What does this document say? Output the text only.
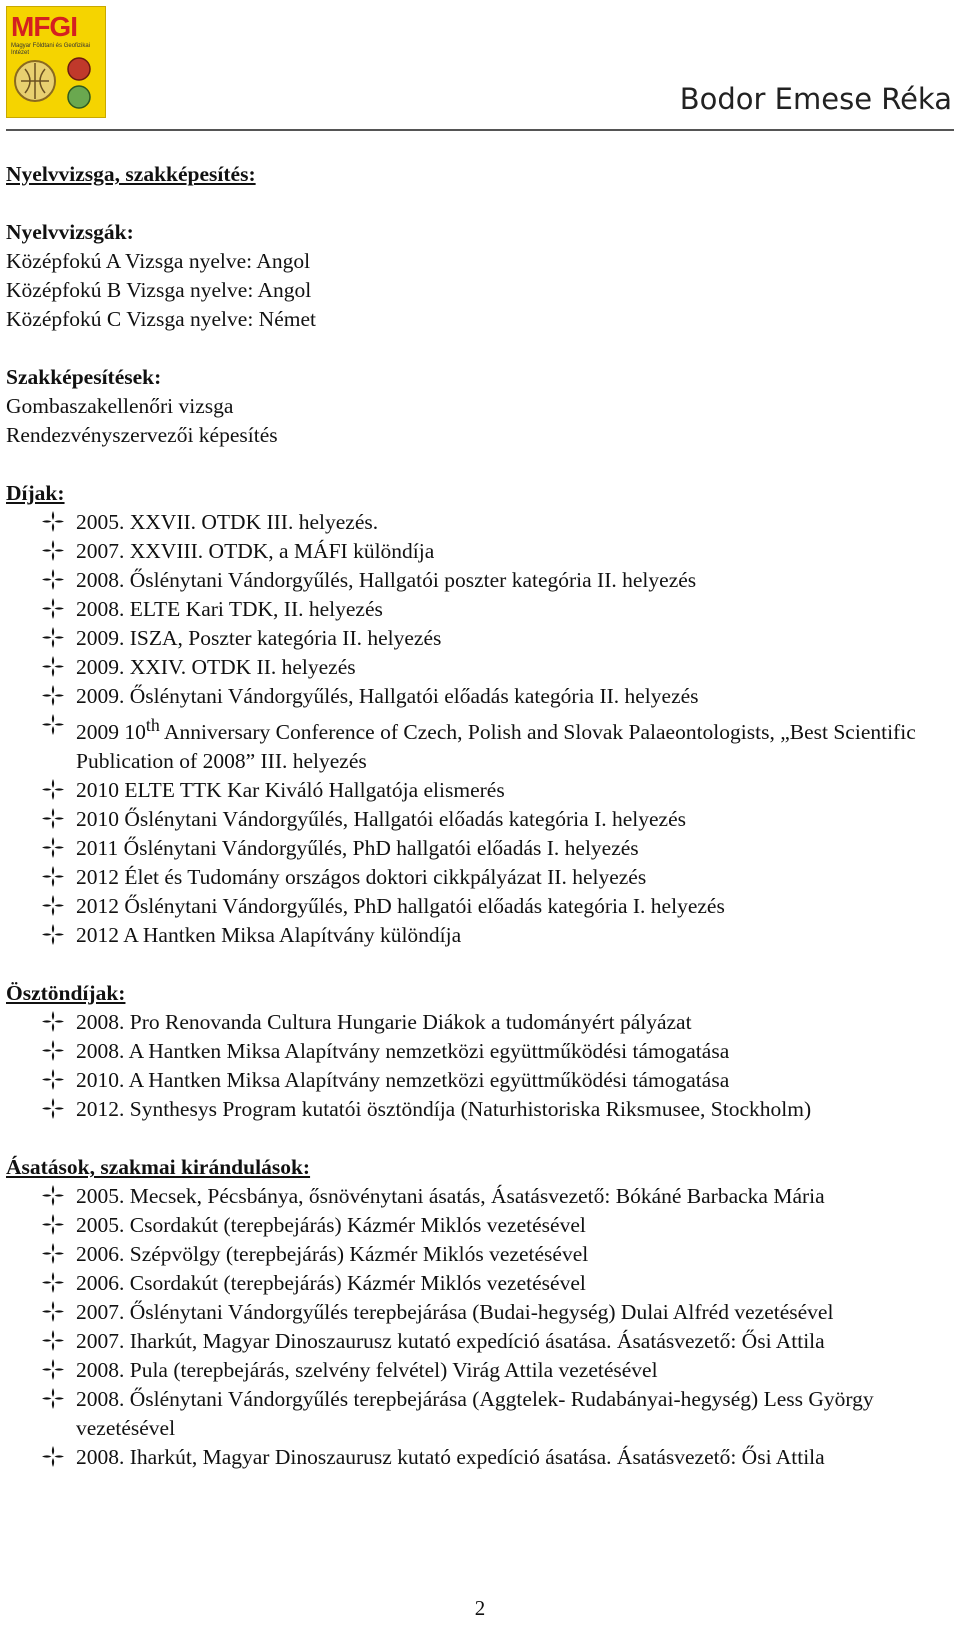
MFGI
Magyar Földtani és Geofizikai Intézet
Bodor Emese Réka

Nyelvvizsga, szakképesítés:

Nyelvvizsgák:

Középfokú A Vizsga nyelve: Angol

Középfokú B Vizsga nyelve: Angol

Középfokú C Vizsga nyelve: Német

Szakképesítések:

Gombaszakellenőri vizsga

Rendezvényszervezői képesítés

Díjak:

2005. XXVII. OTDK III. helyezés.
2007. XXVIII. OTDK, a MÁFI különdíja
2008. Őslénytani Vándorgyűlés, Hallgatói poszter kategória II. helyezés
2008. ELTE Kari TDK, II. helyezés
2009. ISZA, Poszter kategória II. helyezés
2009. XXIV. OTDK II. helyezés
2009. Őslénytani Vándorgyűlés, Hallgatói előadás kategória II. helyezés
2009 10th Anniversary Conference of Czech, Polish and Slovak Palaeontologists, „Best Scientific Publication of 2008” III. helyezés
2010 ELTE TTK Kar Kiváló Hallgatója elismerés
2010 Őslénytani Vándorgyűlés, Hallgatói előadás kategória I. helyezés
2011 Őslénytani Vándorgyűlés, PhD hallgatói előadás I. helyezés
2012 Élet és Tudomány országos doktori cikkpályázat II. helyezés
2012 Őslénytani Vándorgyűlés, PhD hallgatói előadás kategória I. helyezés
2012 A Hantken Miksa Alapítvány különdíja

Ösztöndíjak:

2008. Pro Renovanda Cultura Hungarie Diákok a tudományért pályázat
2008. A Hantken Miksa Alapítvány nemzetközi együttműködési támogatása
2010. A Hantken Miksa Alapítvány nemzetközi együttműködési támogatása
2012. Synthesys Program kutatói ösztöndíja (Naturhistoriska Riksmusee, Stockholm)

Ásatások, szakmai kirándulások:

2005. Mecsek, Pécsbánya, ősnövénytani ásatás, Ásatásvezető: Bókáné Barbacka Mária
2005. Csordakút (terepbejárás) Kázmér Miklós vezetésével
2006. Szépvölgy (terepbejárás) Kázmér Miklós vezetésével
2006. Csordakút (terepbejárás) Kázmér Miklós vezetésével
2007. Őslénytani Vándorgyűlés terepbejárása (Budai-hegység) Dulai Alfréd vezetésével
2007. Iharkút, Magyar Dinoszaurusz kutató expedíció ásatása. Ásatásvezető: Ősi Attila
2008. Pula (terepbejárás, szelvény felvétel) Virág Attila vezetésével
2008. Őslénytani Vándorgyűlés terepbejárása (Aggtelek- Rudabányai-hegység) Less György vezetésével
2008. Iharkút, Magyar Dinoszaurusz kutató expedíció ásatása. Ásatásvezető: Ősi Attila
2
